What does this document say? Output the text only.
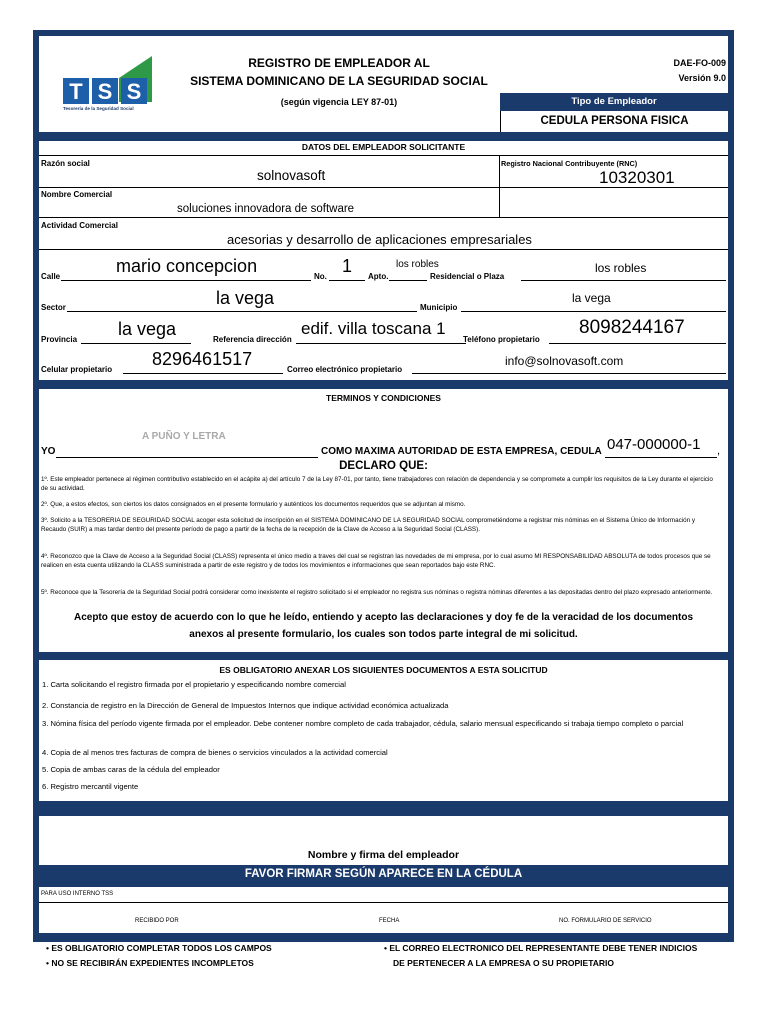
T S S
Tesorería de la Seguridad Social
REGISTRO DE EMPLEADOR AL
SISTEMA DOMINICANO DE LA SEGURIDAD SOCIAL
(según vigencia LEY 87-01)
DAE-FO-009
Versión 9.0
Tipo de Empleador
CEDULA PERSONA FISICA
DATOS DEL EMPLEADOR SOLICITANTE
Razón social
solnovasoft
Registro Nacional Contribuyente (RNC)
10320301
Nombre Comercial
soluciones innovadora de software
Actividad Comercial
acesorias y desarrollo de aplicaciones empresariales
Calle
mario concepcion
No.
1
Apto.
los robles
Residencial o Plaza
los robles
Sector	la vega	Municipio
la vega
Provincia
la vega
Referencia dirección
edif. villa toscana 1
Teléfono propietario
8098244167
Celular propietario
8296461517
Correo electrónico propietario
info@solnovasoft.com
TERMINOS Y CONDICIONES
A PUÑO Y LETRA
YO	COMO MAXIMA AUTORIDAD DE ESTA EMPRESA, CEDULA 047-000000-1 ,
DECLARO QUE:
1º. Este empleador pertenece al régimen contributivo establecido en el acápite a) del artículo 7 de la Ley 87-01, por tanto, tiene trabajadores con relación de dependencia y se compromete a cumplir los requisitos de la Ley durante el ejercicio de su actividad.
2º. Que, a estos efectos, son ciertos los datos consignados en el presente formulario y auténticos los documentos requeridos que se adjuntan al mismo.
3º. Solicito a la TESORERIA DE SEGURIDAD SOCIAL acoger esta solicitud de inscripción en el SISTEMA DOMINICANO DE LA SEGURIDAD SOCIAL comprometiéndome a registrar mis nóminas en el Sistema Único de Información y Recaudo (SUIR) a mas tardar dentro del presente período de pago a partir de la fecha de la recepción de la Clave de Acceso a la Seguridad Social (CLASS).
4º. Reconozco que la Clave de Acceso a la Seguridad Social (CLASS) representa el único medio a traves del cual se registran las novedades de mi empresa, por lo cual asumo MI RESPONSABILIDAD ABSOLUTA de todos procesos que se realicen en esta cuenta utilizando la CLASS suministrada a partir de este registro y de todos los movimientos e informaciones que sean reportados bajo este RNC.
5º. Reconoce que la Tesorería de la Seguridad Social podrá considerar como inexistente el registro solicitado si el empleador no registra sus nóminas o registra nóminas diferentes a las depositadas dentro del plazo expresado anteriormente.
Acepto que estoy de acuerdo con lo que he leído, entiendo y acepto las declaraciones y doy fe de la veracidad de los documentos
anexos al presente formulario, los cuales son todos parte integral de mi solicitud.
ES OBLIGATORIO ANEXAR LOS SIGUIENTES DOCUMENTOS A ESTA SOLICITUD
1. Carta solicitando el registro firmada por el propietario y especificando nombre comercial
2. Constancia de registro en la Dirección de General de Impuestos Internos que indique actividad económica actualizada
3. Nómina física del período vigente firmada por el empleador. Debe contener nombre completo de cada trabajador, cédula, salario mensual especificando si trabaja tiempo completo o parcial
4. Copia de al menos tres facturas de compra de bienes o servicios vinculados a la actividad comercial
5. Copia de ambas caras de la cédula del empleador
6. Registro mercantil vigente
Nombre y firma del empleador
FAVOR FIRMAR SEGÚN APARECE EN LA CÉDULA
PARA USO INTERNO TSS
RECIBIDO POR	FECHA	NO. FORMULARIO DE SERVICIO
• ES OBLIGATORIO COMPLETAR TODOS LOS CAMPOS
• NO SE RECIBIRÁN EXPEDIENTES INCOMPLETOS
• EL CORREO ELECTRONICO DEL REPRESENTANTE DEBE TENER INDICIOS
DE PERTENECER A LA EMPRESA O SU PROPIETARIO
